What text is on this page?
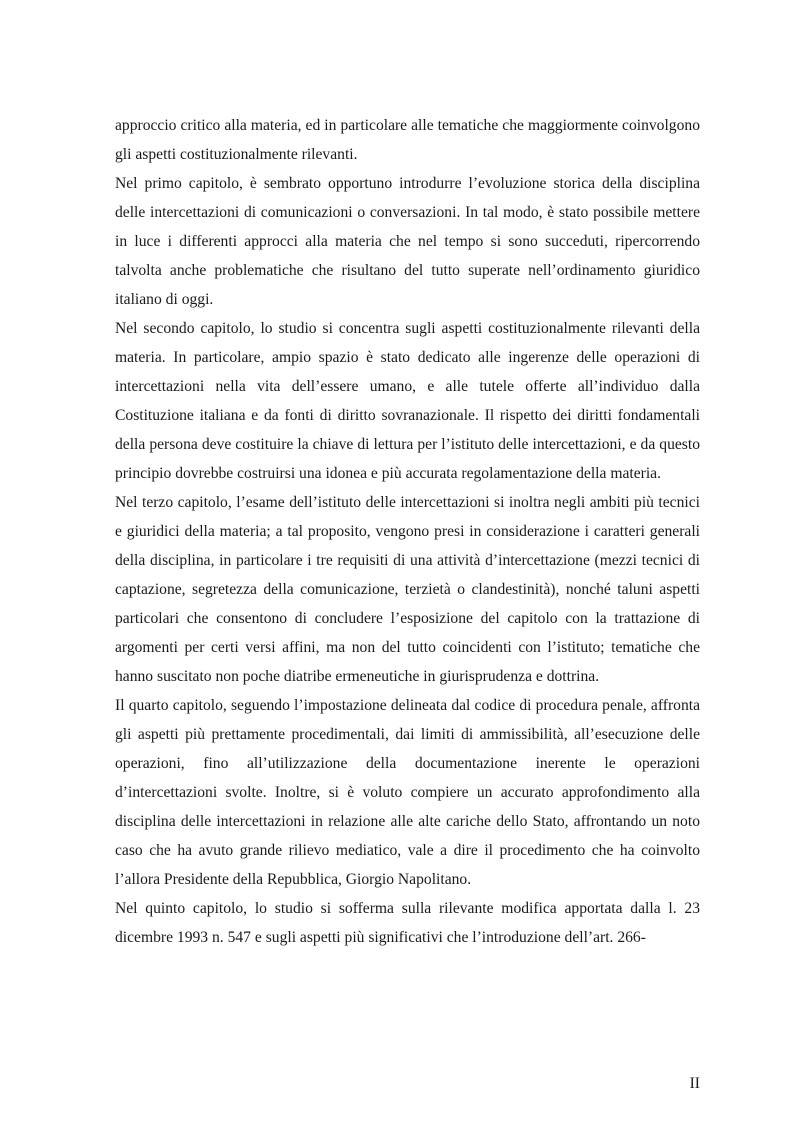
approccio critico alla materia, ed in particolare alle tematiche che maggiormente coinvolgono gli aspetti costituzionalmente rilevanti.

Nel primo capitolo, è sembrato opportuno introdurre l’evoluzione storica della disciplina delle intercettazioni di comunicazioni o conversazioni. In tal modo, è stato possibile mettere in luce i differenti approcci alla materia che nel tempo si sono succeduti, ripercorrendo talvolta anche problematiche che risultano del tutto superate nell’ordinamento giuridico italiano di oggi.

Nel secondo capitolo, lo studio si concentra sugli aspetti costituzionalmente rilevanti della materia. In particolare, ampio spazio è stato dedicato alle ingerenze delle operazioni di intercettazioni nella vita dell’essere umano, e alle tutele offerte all’individuo dalla Costituzione italiana e da fonti di diritto sovranazionale. Il rispetto dei diritti fondamentali della persona deve costituire la chiave di lettura per l’istituto delle intercettazioni, e da questo principio dovrebbe costruirsi una idonea e più accurata regolamentazione della materia.

Nel terzo capitolo, l’esame dell’istituto delle intercettazioni si inoltra negli ambiti più tecnici e giuridici della materia; a tal proposito, vengono presi in considerazione i caratteri generali della disciplina, in particolare i tre requisiti di una attività d’intercettazione (mezzi tecnici di captazione, segretezza della comunicazione, terzietà o clandestinità), nonché taluni aspetti particolari che consentono di concludere l’esposizione del capitolo con la trattazione di argomenti per certi versi affini, ma non del tutto coincidenti con l’istituto; tematiche che hanno suscitato non poche diatribe ermeneutiche in giurisprudenza e dottrina.

Il quarto capitolo, seguendo l’impostazione delineata dal codice di procedura penale, affronta gli aspetti più prettamente procedimentali, dai limiti di ammissibilità, all’esecuzione delle operazioni, fino all’utilizzazione della documentazione inerente le operazioni d’intercettazioni svolte. Inoltre, si è voluto compiere un accurato approfondimento alla disciplina delle intercettazioni in relazione alle alte cariche dello Stato, affrontando un noto caso che ha avuto grande rilievo mediatico, vale a dire il procedimento che ha coinvolto l’allora Presidente della Repubblica, Giorgio Napolitano.

Nel quinto capitolo, lo studio si sofferma sulla rilevante modifica apportata dalla l. 23 dicembre 1993 n. 547 e sugli aspetti più significativi che l’introduzione dell’art. 266-

II
